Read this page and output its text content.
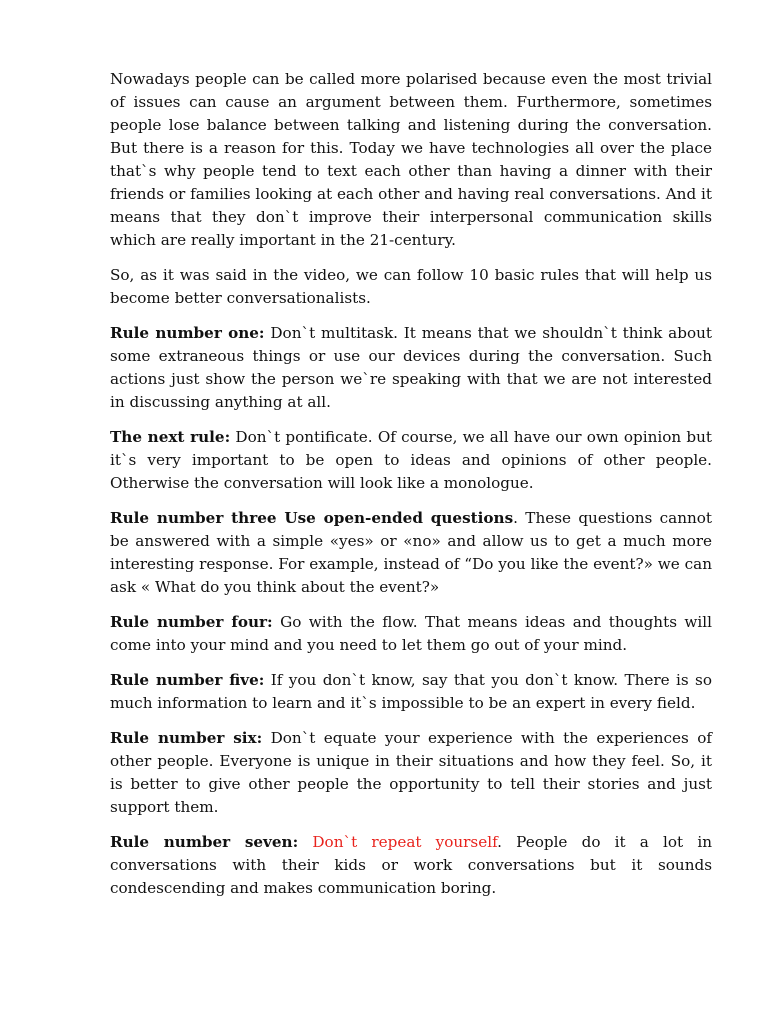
Nowadays people can be called more polarised because even the most trivial of issues can cause an argument between them. Furthermore, sometimes people lose balance between talking and listening during the conversation. But there is a reason for this. Today we have technologies all over the place that`s why people tend to text each other than having a dinner with their friends or families looking at each other and having real conversations. And it means that they don`t improve their interpersonal communication skills which are really important in the 21-century.

So, as it was said in the video, we can follow 10 basic rules that will help us become better conversationalists.

Rule number one: Don`t multitask. It means that we shouldn`t think about some extraneous things or use our devices during the conversation. Such actions just show the person we`re speaking with that we are not interested in discussing anything at all.

The next rule: Don`t pontificate. Of course, we all have our own opinion but it`s very important to be open to ideas and opinions of other people. Otherwise the conversation will look like a monologue.

Rule number three Use open-ended questions. These questions cannot be answered with a simple «yes» or «no» and allow us to get a much more interesting response. For example, instead of “Do you like the event?» we can ask « What do you think about the event?»

Rule number four: Go with the flow. That means ideas and thoughts will come into your mind and you need to let them go out of your mind.

Rule number five: If you don`t know, say that you don`t know. There is so much information to learn and it`s impossible to be an expert in every field.

Rule number six: Don`t equate your experience with the experiences of other people. Everyone is unique in their situations and how they feel. So, it is better to give other people the opportunity to tell their stories and just support them.

Rule number seven: Don`t repeat yourself. People do it a lot in conversations with their kids or work conversations but it sounds condescending and makes communication boring.
